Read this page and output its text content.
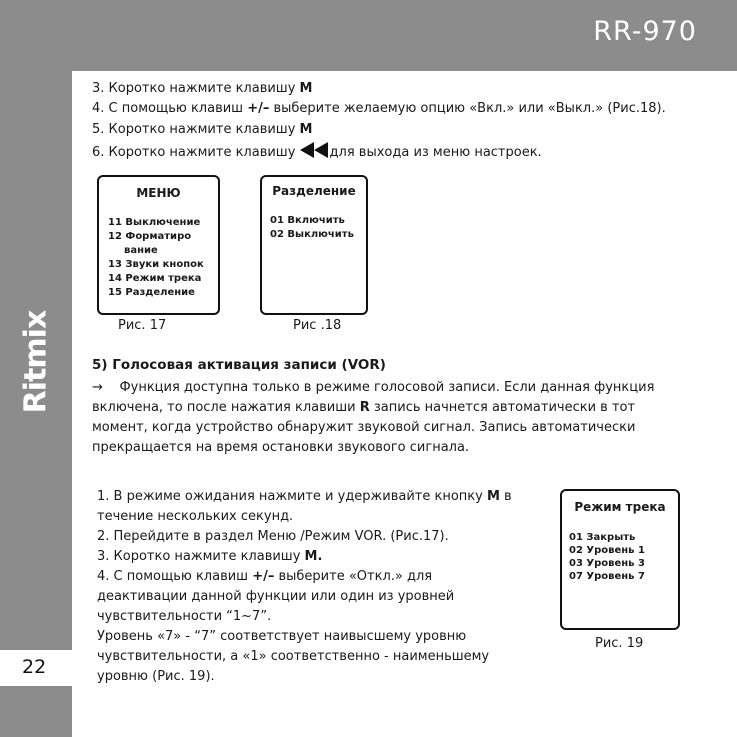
RR-970
Ritmix
22
3. Коротко нажмите клавишу M
4. С помощью клавиш +/– выберите желаемую опцию «Вкл.» или «Выкл.» (Рис.18).
5. Коротко нажмите клавишу M
6. Коротко нажмите клавишу для выхода из меню настроек.
МЕНЮ
11 Выключение
12 Форматиро
вание
13 Звуки кнопок
14 Режим трека
15 Разделение
Рис. 17
Разделение
01 Включить
02 Выключить
Рис .18
5) Голосовая активация записи (VOR)
→ Функция доступна только в режиме голосовой записи. Если данная функция
включена, то после нажатия клавиши R запись начнется автоматически в тот
момент, когда устройство обнаружит звуковой сигнал. Запись автоматически
прекращается на время остановки звукового сигнала.
1. В режиме ожидания нажмите и удерживайте кнопку M в
течение нескольких секунд.
2. Перейдите в раздел Меню /Режим VOR. (Рис.17).
3. Коротко нажмите клавишу M.
4. С помощью клавиш +/– выберите «Откл.» для
деактивации данной функции или один из уровней
чувствительности “1~7”.
Уровень «7» - “7” соответствует наивысшему уровню
чувствительности, а «1» соответственно - наименьшему
уровню (Рис. 19).
Режим трека
01 Закрыть
02 Уровень 1
03 Уровень 3
07 Уровень 7
Рис. 19
